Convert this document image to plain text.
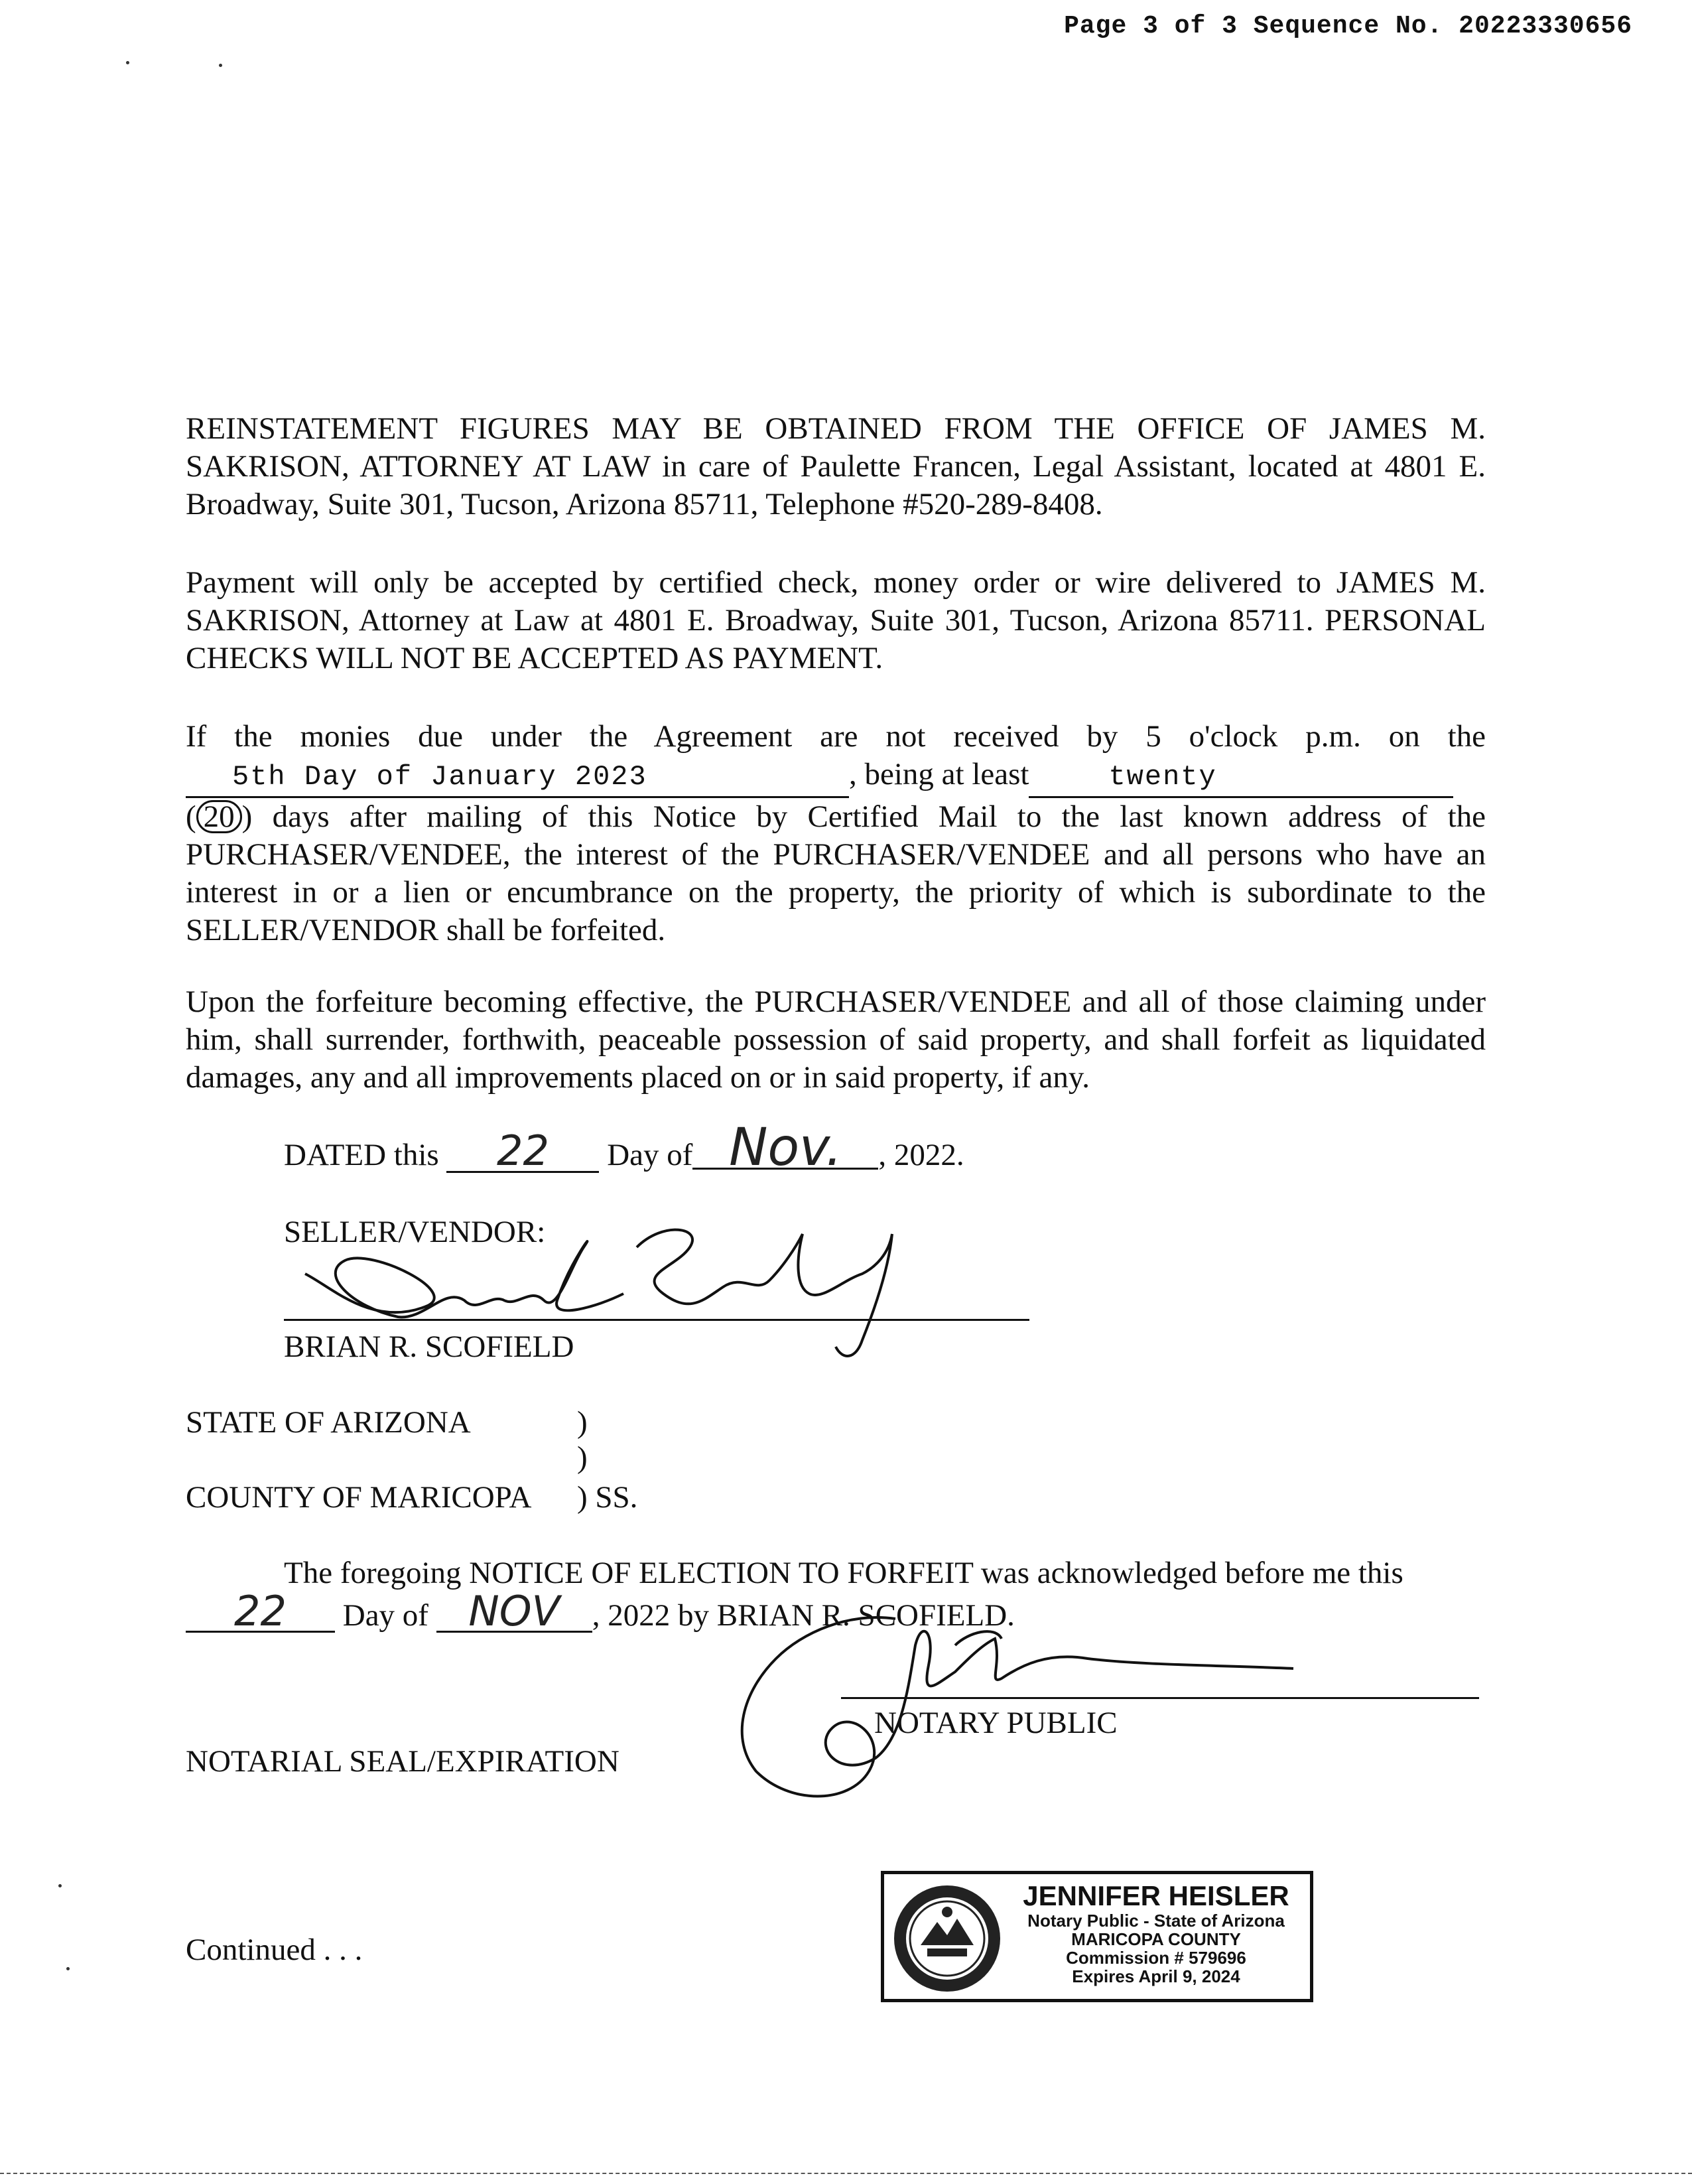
Page 3 of 3 Sequence No. 20223330656
REINSTATEMENT FIGURES MAY BE OBTAINED FROM THE OFFICE OF JAMES M. SAKRISON, ATTORNEY AT LAW in care of Paulette Francen, Legal Assistant, located at 4801 E. Broadway, Suite 301, Tucson, Arizona 85711, Telephone #520-289-8408.
Payment will only be accepted by certified check, money order or wire delivered to JAMES M. SAKRISON, Attorney at Law at 4801 E. Broadway, Suite 301, Tucson, Arizona 85711. PERSONAL CHECKS WILL NOT BE ACCEPTED AS PAYMENT.
If the monies due under the Agreement are not received by 5 o'clock p.m. on the
5th Day of January 2023	, being at least	twenty
( 20 ) days after mailing of this Notice by Certified Mail to the last known address of the PURCHASER/VENDEE, the interest of the PURCHASER/VENDEE and all persons who have an interest in or a lien or encumbrance on the property, the priority of which is subordinate to the SELLER/VENDOR shall be forfeited.
Upon the forfeiture becoming effective, the PURCHASER/VENDEE and all of those claiming under him, shall surrender, forthwith, peaceable possession of said property, and shall forfeit as liquidated damages, any and all improvements placed on or in said property, if any.
DATED this 22 Day of Nov. , 2022.
SELLER/VENDOR:
BRIAN R. SCOFIELD
STATE OF ARIZONA	)
)
COUNTY OF MARICOPA ) SS.
The foregoing NOTICE OF ELECTION TO FORFEIT was acknowledged before me this
22 Day of NOV , 2022 by BRIAN R. SCOFIELD.
NOTARY PUBLIC
NOTARIAL SEAL/EXPIRATION
JENNIFER HEISLER
Notary Public - State of Arizona
MARICOPA COUNTY
Commission # 579696
Expires April 9, 2024
Continued . . .
